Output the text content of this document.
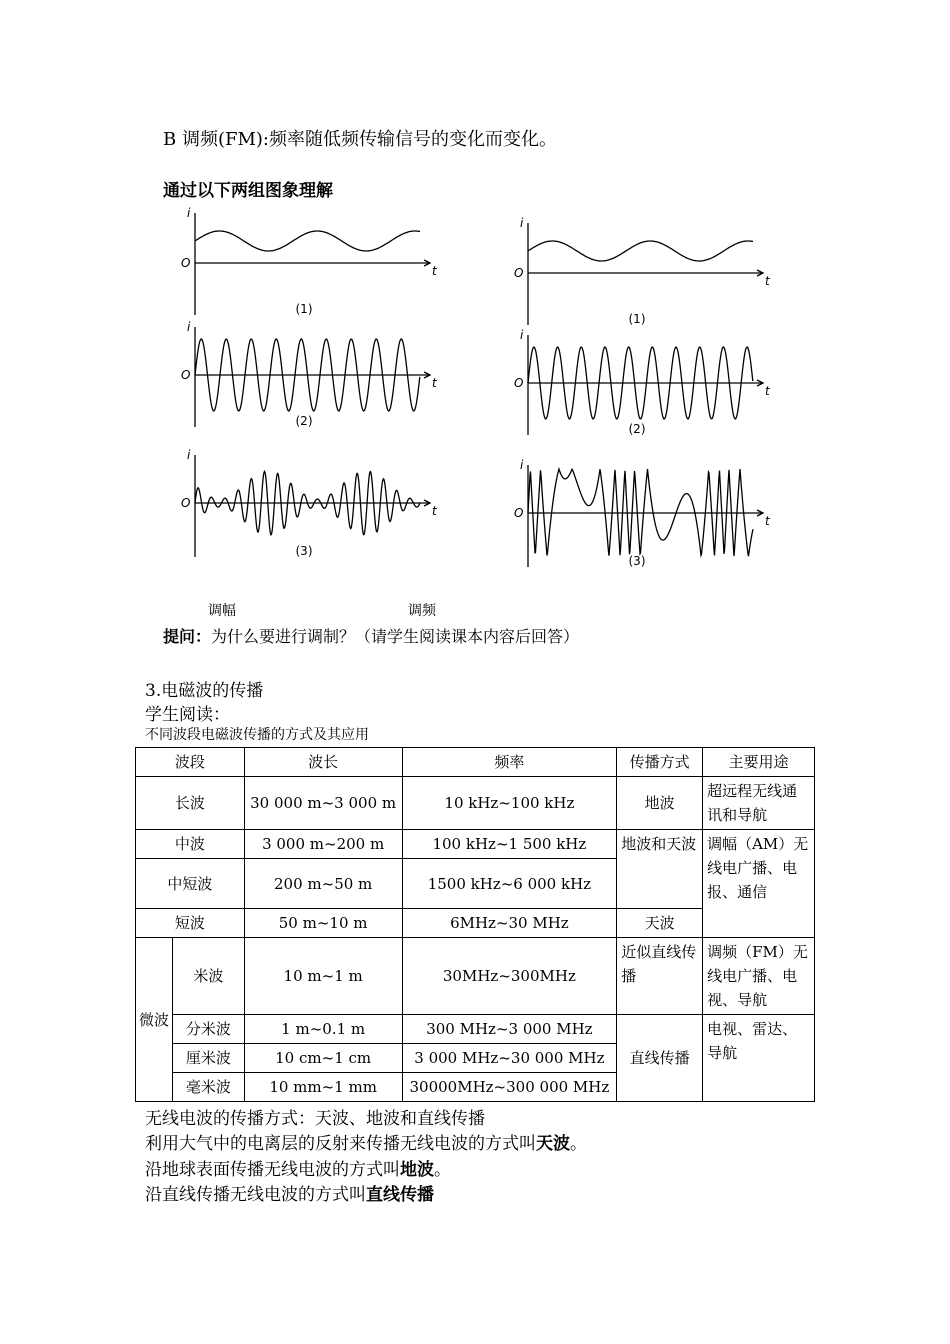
B 调频(FM):频率随低频传输信号的变化而变化。
通过以下两组图象理解
i
t
O
(1)
i
t
O
(2)
i
t
O
(3)
i
t
O
(1)
i
t
O
(2)
i
t
O
(3)
调幅	调频
提问：为什么要进行调制？（请学生阅读课本内容后回答）
3.电磁波的传播
学生阅读：
不同波段电磁波传播的方式及其应用
波段		波长	频率	传播方式	主要用途
长波		30 000 m~3 000 m	10 kHz~100 kHz	地波	超远程无线通讯和导航
中波		3 000 m~200 m	100 kHz~1 500 kHz	地波和天波	调幅（AM）无线电广播、电报、通信
中短波		200 m~50 m	1500 kHz~6 000 kHz		
短波		50 m~10 m	6MHz~30 MHz	天波	
微波	米波	10 m~1 m	30MHz~300MHz	近似直线传播	调频（FM）无线电广播、电视、导航
	分米波	1 m~0.1 m	300 MHz~3 000 MHz	直线传播	电视、雷达、导航
	厘米波	10 cm~1 cm	3 000 MHz~30 000 MHz		
	毫米波	10 mm~1 mm	30000MHz~300 000 MHz		
无线电波的传播方式：天波、地波和直线传播
利用大气中的电离层的反射来传播无线电波的方式叫天波。
沿地球表面传播无线电波的方式叫地波。
沿直线传播无线电波的方式叫直线传播
